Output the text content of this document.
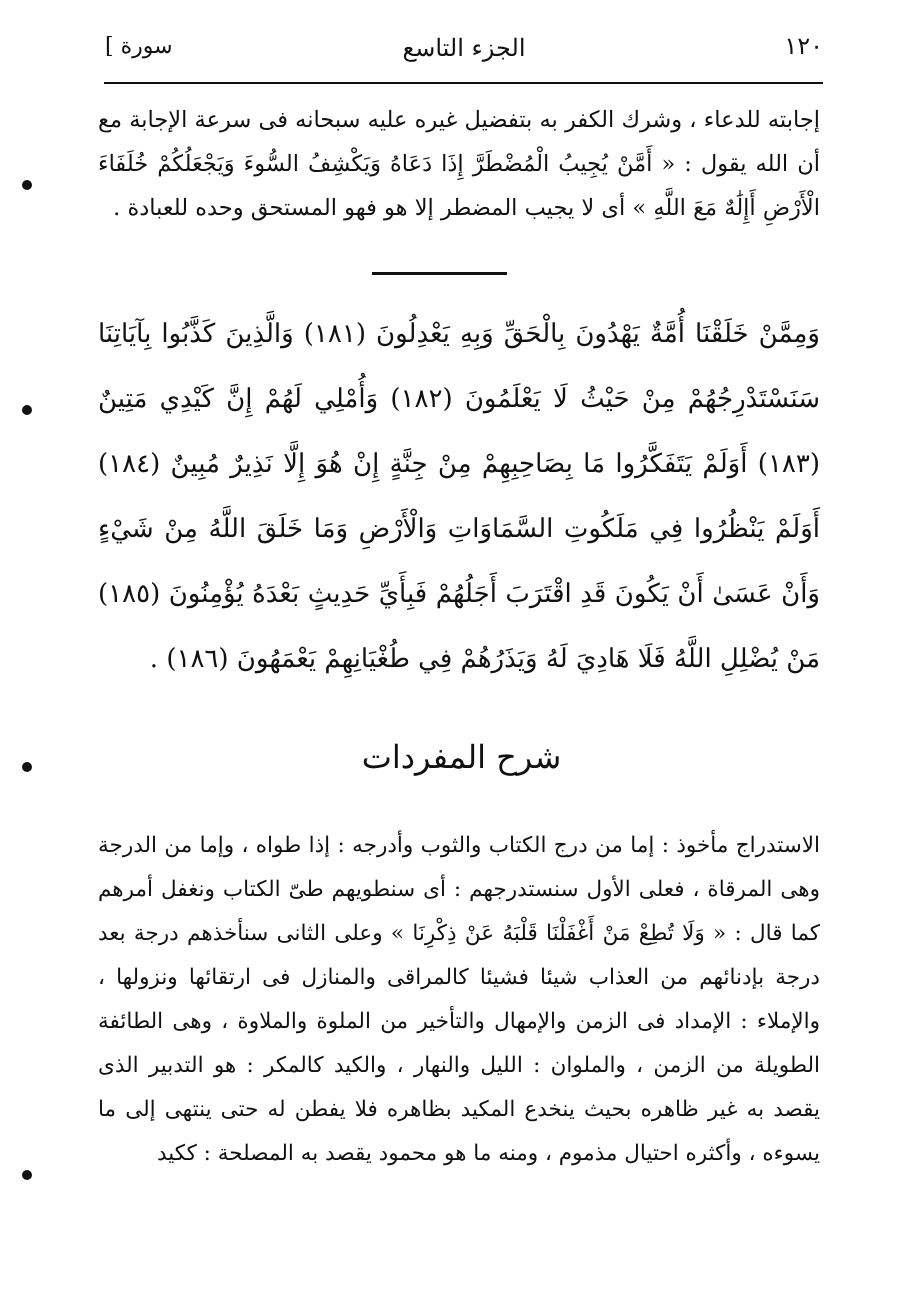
١٢٠
الجزء التاسع
سورة ]
إجابته للدعاء ، وشرك الكفر به بتفضيل غيره عليه سبحانه فى سرعة الإجابة مع أن الله يقول : « أَمَّنْ يُجِيبُ الْمُضْطَرَّ إِذَا دَعَاهُ وَيَكْشِفُ السُّوءَ وَيَجْعَلُكُمْ خُلَفَاءَ الْأَرْضِ أَإِلَٰهٌ مَعَ اللَّهِ » أى لا يجيب المضطر إلا هو فهو المستحق وحده للعبادة .
وَمِمَّنْ خَلَقْنَا أُمَّةٌ يَهْدُونَ بِالْحَقِّ وَبِهِ يَعْدِلُونَ (١٨١) وَالَّذِينَ كَذَّبُوا بِآيَاتِنَا سَنَسْتَدْرِجُهُمْ مِنْ حَيْثُ لَا يَعْلَمُونَ (١٨٢) وَأُمْلِي لَهُمْ إِنَّ كَيْدِي مَتِينٌ (١٨٣) أَوَلَمْ يَتَفَكَّرُوا مَا بِصَاحِبِهِمْ مِنْ جِنَّةٍ إِنْ هُوَ إِلَّا نَذِيرٌ مُبِينٌ (١٨٤) أَوَلَمْ يَنْظُرُوا فِي مَلَكُوتِ السَّمَاوَاتِ وَالْأَرْضِ وَمَا خَلَقَ اللَّهُ مِنْ شَيْءٍ وَأَنْ عَسَىٰ أَنْ يَكُونَ قَدِ اقْتَرَبَ أَجَلُهُمْ فَبِأَيِّ حَدِيثٍ بَعْدَهُ يُؤْمِنُونَ (١٨٥) مَنْ يُضْلِلِ اللَّهُ فَلَا هَادِيَ لَهُ وَيَذَرُهُمْ فِي طُغْيَانِهِمْ يَعْمَهُونَ (١٨٦) .
شرح المفردات
الاستدراج مأخوذ : إما من درج الكتاب والثوب وأدرجه : إذا طواه ، وإما من الدرجة وهى المرقاة ، فعلى الأول سنستدرجهم : أى سنطويهم طىّ الكتاب ونغفل أمرهم كما قال : « وَلَا تُطِعْ مَنْ أَغْفَلْنَا قَلْبَهُ عَنْ ذِكْرِنَا » وعلى الثانى سنأخذهم درجة بعد درجة بإدنائهم من العذاب شيئا فشيئا كالمراقى والمنازل فى ارتقائها ونزولها ، والإملاء : الإمداد فى الزمن والإمهال والتأخير من الملوة والملاوة ، وهى الطائفة الطويلة من الزمن ، والملوان : الليل والنهار ، والكيد كالمكر : هو التدبير الذى يقصد به غير ظاهره بحيث ينخدع المكيد بظاهره فلا يفطن له حتى ينتهى إلى ما يسوءه ، وأكثره احتيال مذموم ، ومنه ما هو محمود يقصد به المصلحة : ككيد
